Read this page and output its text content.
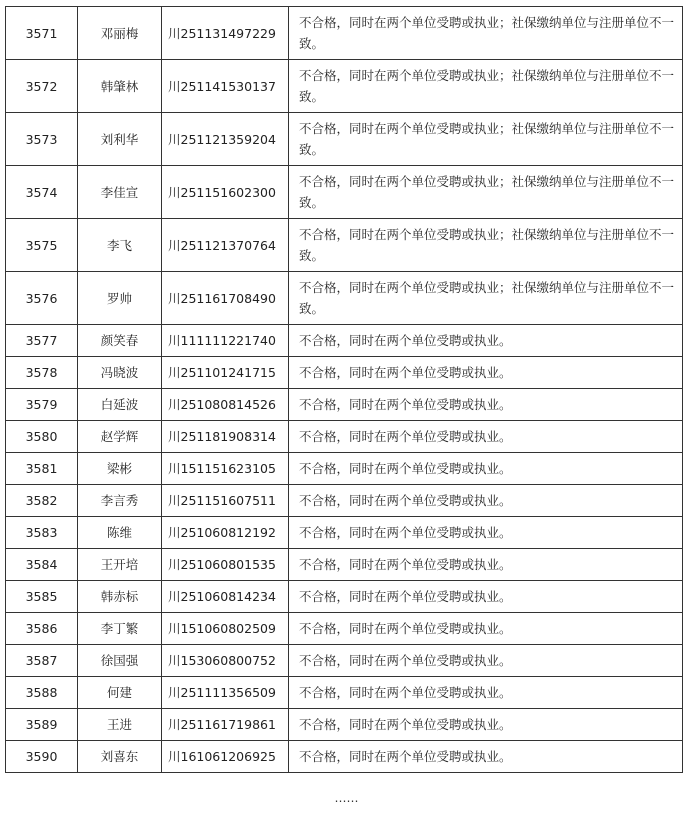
3571	邓丽梅	川251131497229	不合格，同时在两个单位受聘或执业；社保缴纳单位与注册单位不一致。
3572	韩肇林	川251141530137	不合格，同时在两个单位受聘或执业；社保缴纳单位与注册单位不一致。
3573	刘利华	川251121359204	不合格，同时在两个单位受聘或执业；社保缴纳单位与注册单位不一致。
3574	李佳宣	川251151602300	不合格，同时在两个单位受聘或执业；社保缴纳单位与注册单位不一致。
3575	李飞	川251121370764	不合格，同时在两个单位受聘或执业；社保缴纳单位与注册单位不一致。
3576	罗帅	川251161708490	不合格，同时在两个单位受聘或执业；社保缴纳单位与注册单位不一致。
3577	颜笑春	川111111221740	不合格，同时在两个单位受聘或执业。
3578	冯晓波	川251101241715	不合格，同时在两个单位受聘或执业。
3579	白延波	川251080814526	不合格，同时在两个单位受聘或执业。
3580	赵学辉	川251181908314	不合格，同时在两个单位受聘或执业。
3581	梁彬	川151151623105	不合格，同时在两个单位受聘或执业。
3582	李言秀	川251151607511	不合格，同时在两个单位受聘或执业。
3583	陈维	川251060812192	不合格，同时在两个单位受聘或执业。
3584	王开培	川251060801535	不合格，同时在两个单位受聘或执业。
3585	韩赤标	川251060814234	不合格，同时在两个单位受聘或执业。
3586	李丁繁	川151060802509	不合格，同时在两个单位受聘或执业。
3587	徐国强	川153060800752	不合格，同时在两个单位受聘或执业。
3588	何建	川251111356509	不合格，同时在两个单位受聘或执业。
3589	王进	川251161719861	不合格，同时在两个单位受聘或执业。
3590	刘喜东	川161061206925	不合格，同时在两个单位受聘或执业。
……
